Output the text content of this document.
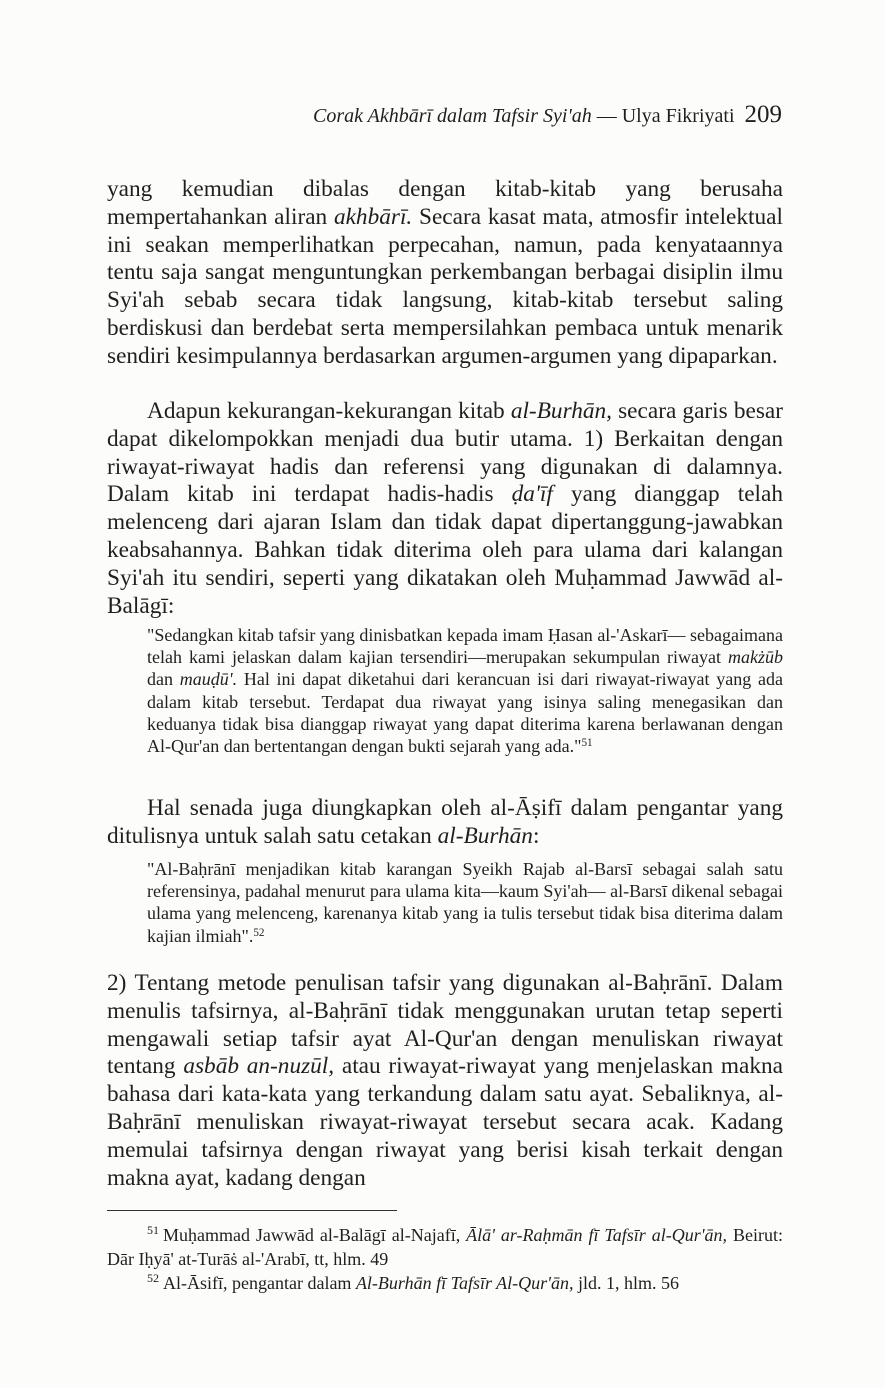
Corak Akhbārī dalam Tafsir Syi'ah — Ulya Fikriyati 209

yang kemudian dibalas dengan kitab-kitab yang berusaha mempertahankan aliran akhbārī. Secara kasat mata, atmosfir intelektual ini seakan memperlihatkan perpecahan, namun, pada kenyataannya tentu saja sangat menguntungkan perkembangan berbagai disiplin ilmu Syi'ah sebab secara tidak langsung, kitab-kitab tersebut saling berdiskusi dan berdebat serta mempersilahkan pembaca untuk menarik sendiri kesimpulannya berdasarkan argumen-argumen yang dipaparkan.

Adapun kekurangan-kekurangan kitab al-Burhān, secara garis besar dapat dikelompokkan menjadi dua butir utama. 1) Berkaitan dengan riwayat-riwayat hadis dan referensi yang digunakan di dalamnya. Dalam kitab ini terdapat hadis-hadis ḍa'īf yang dianggap telah melenceng dari ajaran Islam dan tidak dapat dipertanggung-jawabkan keabsahannya. Bahkan tidak diterima oleh para ulama dari kalangan Syi'ah itu sendiri, seperti yang dikatakan oleh Muḥammad Jawwād al-Balāgī:

"Sedangkan kitab tafsir yang dinisbatkan kepada imam Ḥasan al-'Askarī— sebagaimana telah kami jelaskan dalam kajian tersendiri—merupakan sekumpulan riwayat makżūb dan mauḍū'. Hal ini dapat diketahui dari kerancuan isi dari riwayat-riwayat yang ada dalam kitab tersebut. Terdapat dua riwayat yang isinya saling menegasikan dan keduanya tidak bisa dianggap riwayat yang dapat diterima karena berlawanan dengan Al-Qur'an dan bertentangan dengan bukti sejarah yang ada."$^{51}$

Hal senada juga diungkapkan oleh al-Āṣifī dalam pengantar yang ditulisnya untuk salah satu cetakan al-Burhān:

"Al-Baḥrānī menjadikan kitab karangan Syeikh Rajab al-Barsī sebagai salah satu referensinya, padahal menurut para ulama kita—kaum Syi'ah— al-Barsī dikenal sebagai ulama yang melenceng, karenanya kitab yang ia tulis tersebut tidak bisa diterima dalam kajian ilmiah".$^{52}$

2) Tentang metode penulisan tafsir yang digunakan al-Baḥrānī. Dalam menulis tafsirnya, al-Baḥrānī tidak menggunakan urutan tetap seperti mengawali setiap tafsir ayat Al-Qur'an dengan menuliskan riwayat tentang asbāb an-nuzūl, atau riwayat-riwayat yang menjelaskan makna bahasa dari kata-kata yang terkandung dalam satu ayat. Sebaliknya, al-Baḥrānī menuliskan riwayat-riwayat tersebut secara acak. Kadang memulai tafsirnya dengan riwayat yang berisi kisah terkait dengan makna ayat, kadang dengan

$^{51}$ Muḥammad Jawwād al-Balāgī al-Najafī, Ālā' ar-Raḥmān fī Tafsīr al-Qur'ān, Beirut: Dār Iḥyā' at-Turāṡ al-'Arabī, tt, hlm. 49

$^{52}$ Al-Āsifī, pengantar dalam Al-Burhān fī Tafsīr Al-Qur'ān, jld. 1, hlm. 56
